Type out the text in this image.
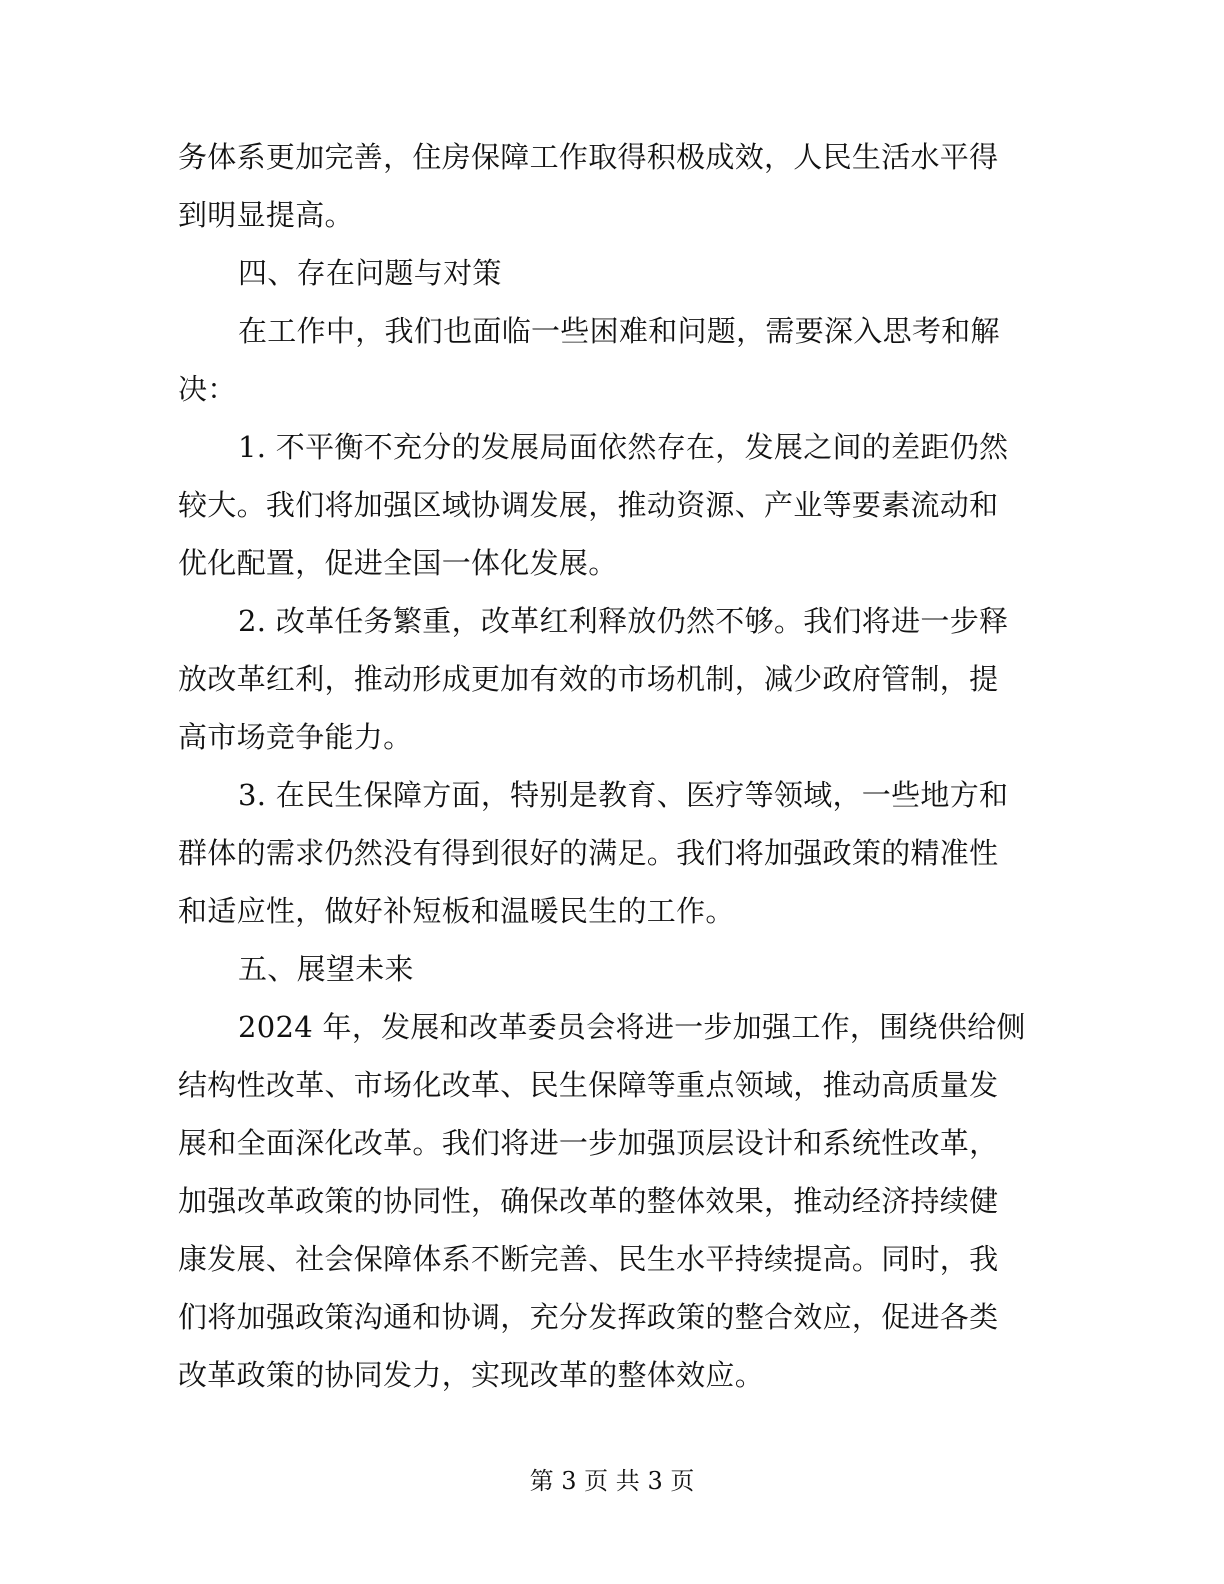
务体系更加完善，住房保障工作取得积极成效，人民生活水平得
到明显提高。
四、存在问题与对策
在工作中，我们也面临一些困难和问题，需要深入思考和解
决：
1. 不平衡不充分的发展局面依然存在，发展之间的差距仍然
较大。我们将加强区域协调发展，推动资源、产业等要素流动和
优化配置，促进全国一体化发展。
2. 改革任务繁重，改革红利释放仍然不够。我们将进一步释
放改革红利，推动形成更加有效的市场机制，减少政府管制，提
高市场竞争能力。
3. 在民生保障方面，特别是教育、医疗等领域，一些地方和
群体的需求仍然没有得到很好的满足。我们将加强政策的精准性
和适应性，做好补短板和温暖民生的工作。
五、展望未来
2024 年，发展和改革委员会将进一步加强工作，围绕供给侧
结构性改革、市场化改革、民生保障等重点领域，推动高质量发
展和全面深化改革。我们将进一步加强顶层设计和系统性改革，
加强改革政策的协同性，确保改革的整体效果，推动经济持续健
康发展、社会保障体系不断完善、民生水平持续提高。同时，我
们将加强政策沟通和协调，充分发挥政策的整合效应，促进各类
改革政策的协同发力，实现改革的整体效应。
第 3 页 共 3 页
